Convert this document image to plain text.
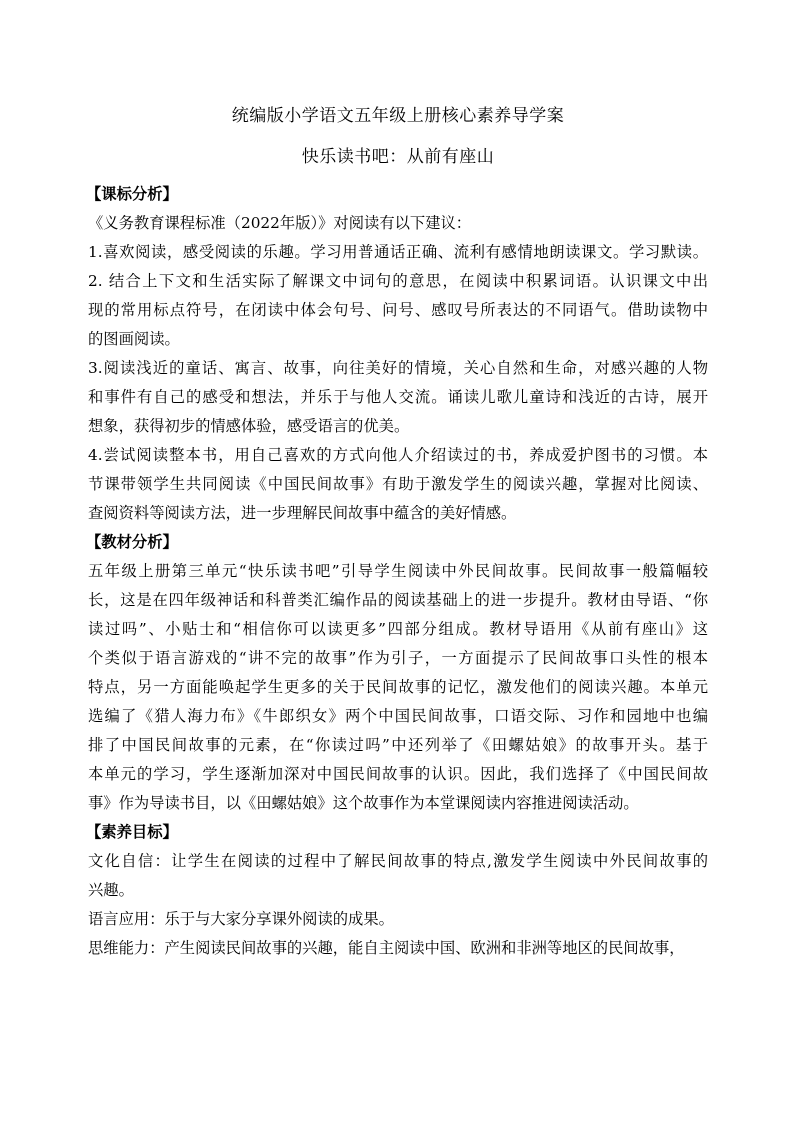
统编版小学语文五年级上册核心素养导学案
快乐读书吧：从前有座山
【课标分析】
《义务教育课程标准（2022年版）》对阅读有以下建议：
1.喜欢阅读，感受阅读的乐趣。学习用普通话正确、流利有感情地朗读课文。学习默读。
2. 结合上下文和生活实际了解课文中词句的意思，在阅读中积累词语。认识课文中出
现的常用标点符号，在闭读中体会句号、问号、感叹号所表达的不同语气。借助读物中
的图画阅读。
3.阅读浅近的童话、寓言、故事，向往美好的情境，关心自然和生命，对感兴趣的人物
和事件有自己的感受和想法，并乐于与他人交流。诵读儿歌儿童诗和浅近的古诗，展开
想象，获得初步的情感体验，感受语言的优美。
4.尝试阅读整本书，用自己喜欢的方式向他人介绍读过的书，养成爱护图书的习惯。本
节课带领学生共同阅读《中国民间故事》有助于激发学生的阅读兴趣，掌握对比阅读、
查阅资料等阅读方法，进一步理解民间故事中蕴含的美好情感。
【教材分析】
五年级上册第三单元“快乐读书吧”引导学生阅读中外民间故事。民间故事一般篇幅较
长，这是在四年级神话和科普类汇编作品的阅读基础上的进一步提升。教材由导语、“你
读过吗”、小贴士和“相信你可以读更多”四部分组成。教材导语用《从前有座山》这
个类似于语言游戏的“讲不完的故事”作为引子，一方面提示了民间故事口头性的根本
特点，另一方面能唤起学生更多的关于民间故事的记忆，激发他们的阅读兴趣。本单元
选编了《猎人海力布》《牛郎织女》两个中国民间故事，口语交际、习作和园地中也编
排了中国民间故事的元素，在“你读过吗”中还列举了《田螺姑娘》的故事开头。基于
本单元的学习，学生逐渐加深对中国民间故事的认识。因此，我们选择了《中国民间故
事》作为导读书目，以《田螺姑娘》这个故事作为本堂课阅读内容推进阅读活动。
【素养目标】
文化自信：让学生在阅读的过程中了解民间故事的特点,激发学生阅读中外民间故事的
兴趣。
语言应用：乐于与大家分享课外阅读的成果。
思维能力：产生阅读民间故事的兴趣，能自主阅读中国、欧洲和非洲等地区的民间故事，
